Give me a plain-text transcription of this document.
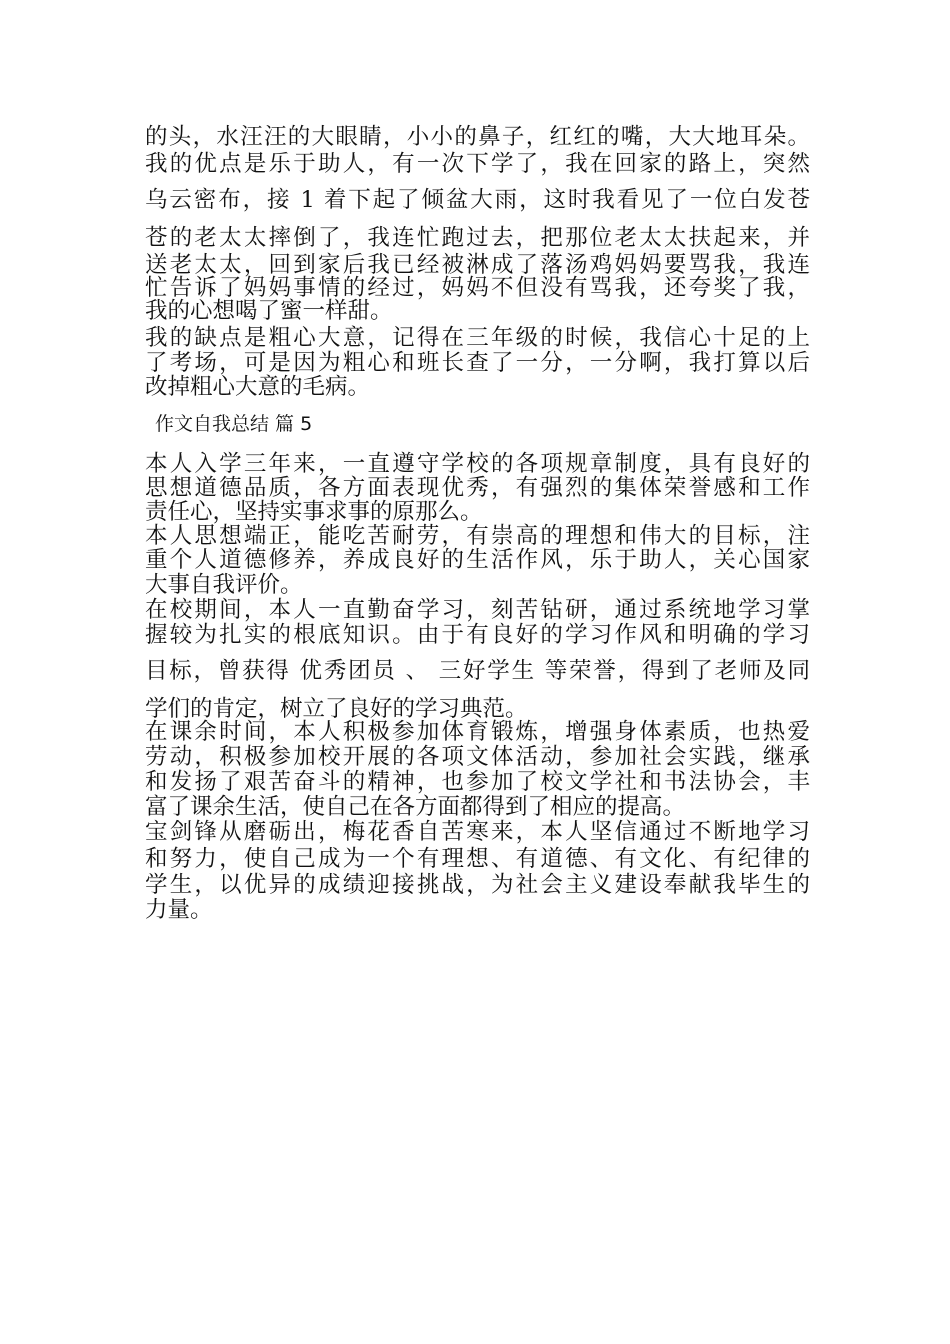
的头，水汪汪的大眼睛，小小的鼻子，红红的嘴，大大地耳朵。
我的优点是乐于助人，有一次下学了，我在回家的路上，突然
乌云密布，接 1 着下起了倾盆大雨，这时我看见了一位白发苍
苍的老太太摔倒了，我连忙跑过去，把那位老太太扶起来，并
送老太太，回到家后我已经被淋成了落汤鸡妈妈要骂我，我连
忙告诉了妈妈事情的经过，妈妈不但没有骂我，还夸奖了我，
我的心想喝了蜜一样甜。
我的缺点是粗心大意，记得在三年级的时候，我信心十足的上
了考场，可是因为粗心和班长查了一分，一分啊，我打算以后
改掉粗心大意的毛病。
作文自我总结 篇 5
本人入学三年来，一直遵守学校的各项规章制度，具有良好的
思想道德品质，各方面表现优秀，有强烈的集体荣誉感和工作
责任心，坚持实事求事的原那么。
本人思想端正，能吃苦耐劳，有崇高的理想和伟大的目标，注
重个人道德修养，养成良好的生活作风，乐于助人，关心国家
大事自我评价。
在校期间，本人一直勤奋学习，刻苦钻研，通过系统地学习掌
握较为扎实的根底知识。由于有良好的学习作风和明确的学习
目标，曾获得 优秀团员 、 三好学生 等荣誉，得到了老师及同
学们的肯定，树立了良好的学习典范。
在课余时间，本人积极参加体育锻炼，增强身体素质，也热爱
劳动，积极参加校开展的各项文体活动，参加社会实践，继承
和发扬了艰苦奋斗的精神，也参加了校文学社和书法协会，丰
富了课余生活，使自己在各方面都得到了相应的提高。
宝剑锋从磨砺出，梅花香自苦寒来，本人坚信通过不断地学习
和努力，使自己成为一个有理想、有道德、有文化、有纪律的
学生，以优异的成绩迎接挑战，为社会主义建设奉献我毕生的
力量。
